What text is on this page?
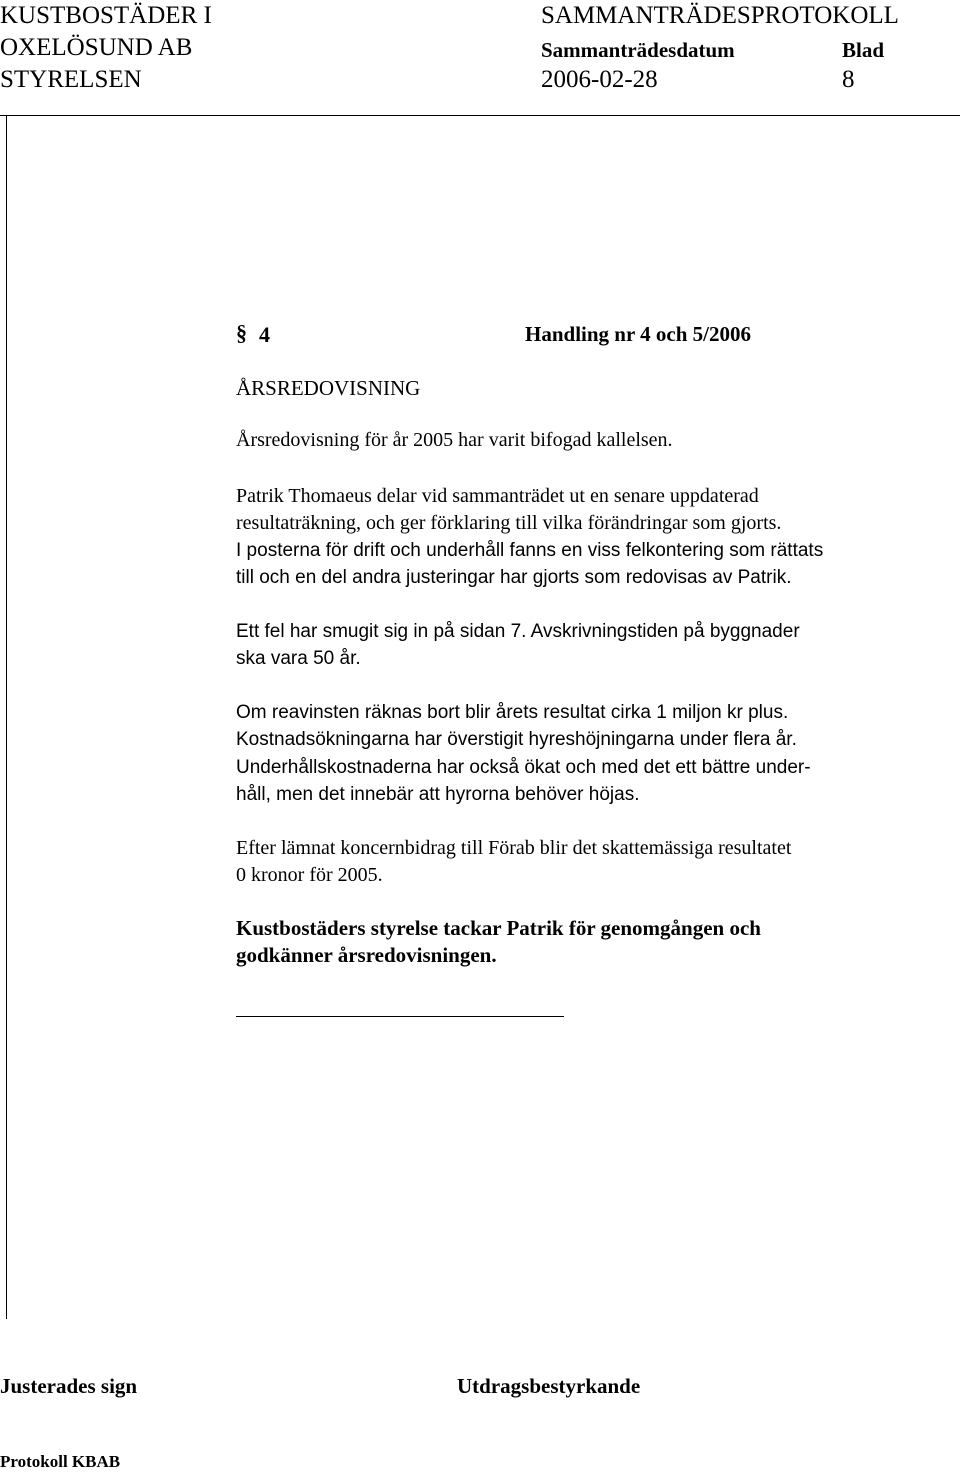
KUSTBOSTÄDER I
OXELÖSUND AB
STYRELSEN
SAMMANTRÄDESPROTOKOLL
Sammanträdesdatum	Blad
2006-02-28	8
§ 4	Handling nr 4 och 5/2006
ÅRSREDOVISNING
Årsredovisning för år 2005 har varit bifogad kallelsen.
Patrik Thomaeus delar vid sammanträdet ut en senare uppdaterad
resultaträkning, och ger förklaring till vilka förändringar som gjorts.
I posterna för drift och underhåll fanns en viss felkontering som rättats
till och en del andra justeringar har gjorts som redovisas av Patrik.
Ett fel har smugit sig in på sidan 7. Avskrivningstiden på byggnader
ska vara 50 år.
Om reavinsten räknas bort blir årets resultat cirka 1 miljon kr plus.
Kostnadsökningarna har överstigit hyreshöjningarna under flera år.
Underhållskostnaderna har också ökat och med det ett bättre under-
håll, men det innebär att hyrorna behöver höjas.
Efter lämnat koncernbidrag till Förab blir det skattemässiga resultatet
0 kronor för 2005.
Kustbostäders styrelse tackar Patrik för genomgången och
godkänner årsredovisningen.
Justerades sign	Utdragsbestyrkande
Protokoll KBAB
